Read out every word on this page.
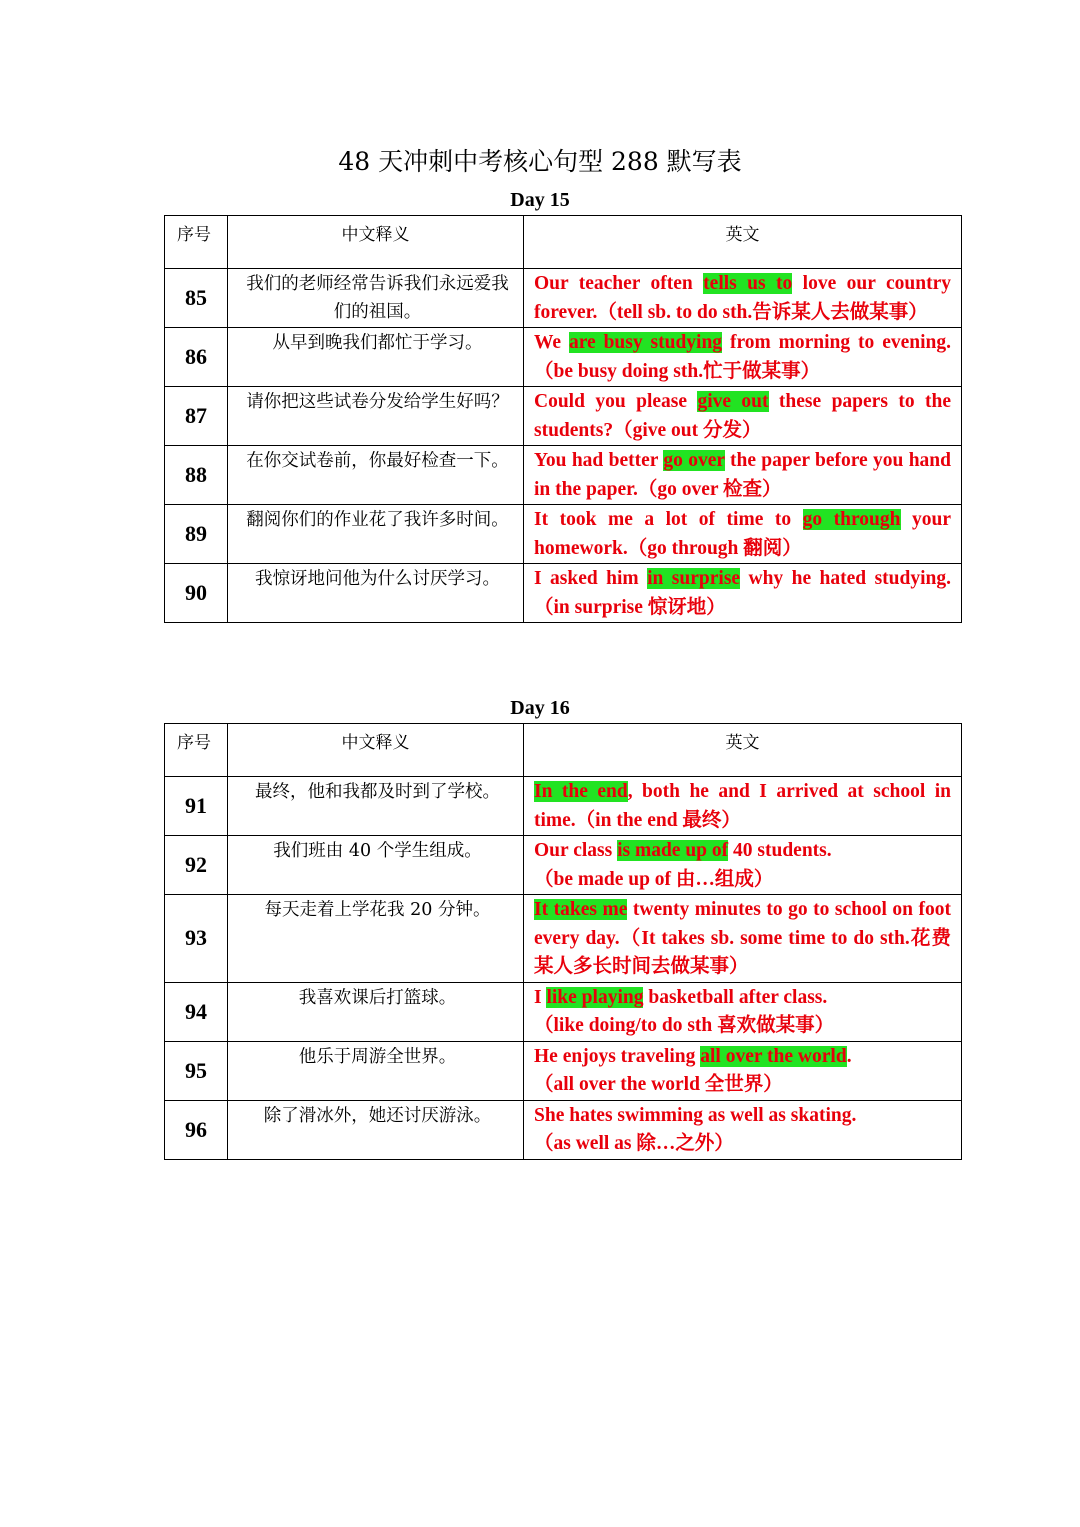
48 天冲刺中考核心句型 288 默写表
Day 15
序号	中文释义	英文
85	我们的老师经常告诉我们永远爱我们的祖国。	Our teacher often tells us to love our country forever.（tell sb. to do sth.告诉某人去做某事）
86	从早到晚我们都忙于学习。	We are busy studying from morning to evening.（be busy doing sth.忙于做某事）
87	请你把这些试卷分发给学生好吗？	Could you please give out these papers to the students?（give out 分发）
88	在你交试卷前，你最好检查一下。	You had better go over the paper before you hand in the paper.（go over 检查）
89	翻阅你们的作业花了我许多时间。	It took me a lot of time to go through your homework.（go through 翻阅）
90	我惊讶地问他为什么讨厌学习。	I asked him in surprise why he hated studying.（in surprise 惊讶地）
Day 16
序号	中文释义	英文
91	最终，他和我都及时到了学校。	In the end, both he and I arrived at school in time.（in the end 最终）
92	我们班由 40 个学生组成。	Our class is made up of 40 students.
（be made up of 由…组成）
93	每天走着上学花我 20 分钟。	It takes me twenty minutes to go to school on foot every day.（It takes sb. some time to do sth.花费某人多长时间去做某事）
94	我喜欢课后打篮球。	I like playing basketball after class.
（like doing/to do sth 喜欢做某事）
95	他乐于周游全世界。	He enjoys traveling all over the world.
（all over the world 全世界）
96	除了滑冰外，她还讨厌游泳。	She hates swimming as well as skating.
（as well as 除…之外）
